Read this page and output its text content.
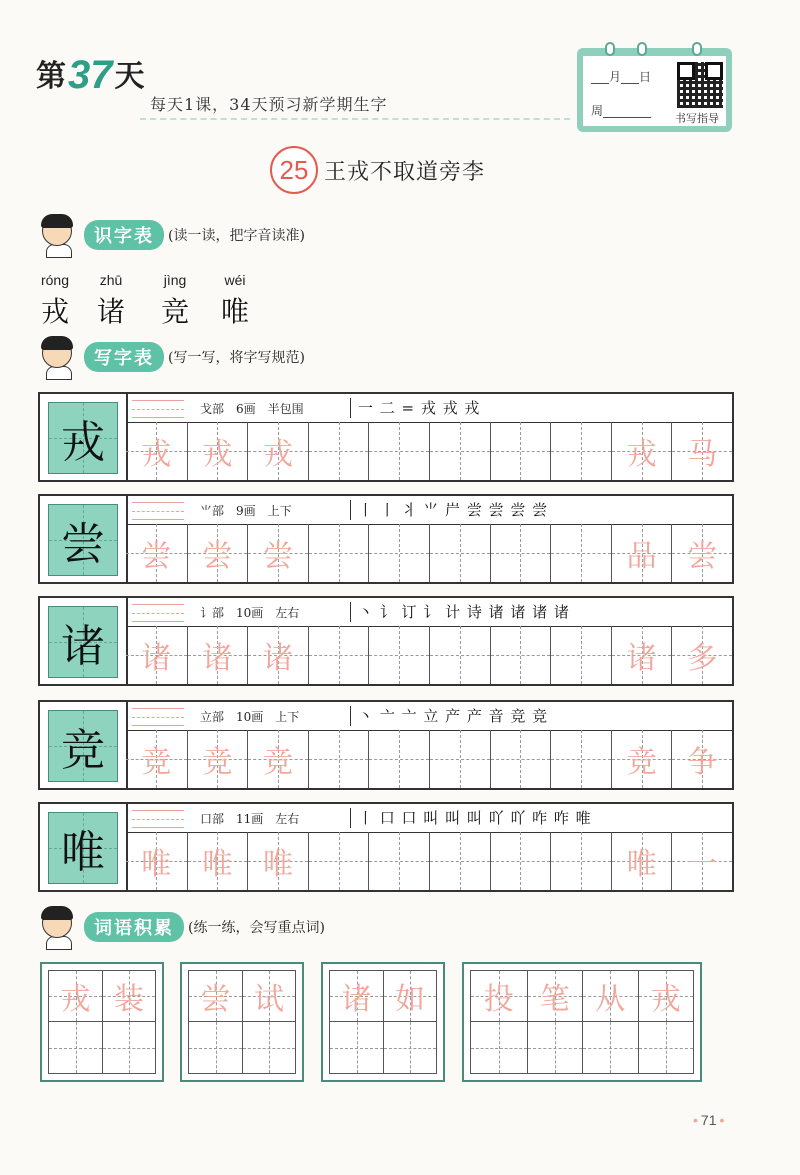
第 37 天
每天1课，34天预习新学期生字
___月___日
周________
书写指导
25 王戎不取道旁李
识字表	(读一读，把字音读准)
róng
戎
zhū
诸
jìng
竞
wéi
唯
写字表	(写一写，将字写规范)
戎
戈部　6画　半包围	一 二 = 戎 戎 戎
戎 戎 戎	戎 马
尝
⺌部　9画　上下	丨 丨 丬 ⺌ 屵 尝 尝 尝 尝
尝 尝 尝	品 尝
诸
讠部　10画　左右	丶 讠 订 讠 计 诗 诸 诸 诸 诸
诸 诸 诸	诸 多
竞
立部　10画　上下	丶 亠 亠 立 产 产 音 竞 竞
竞 竞 竞	竞 争
唯
口部　11画　左右	丨 口 口 叫 叫 叫 吖 吖 咋 咋 唯
唯 唯 唯	唯 一
词语积累	(练一练，会写重点词)
戎 装 尝 试 诸 如 投 笔 从 戎
• 71 •
